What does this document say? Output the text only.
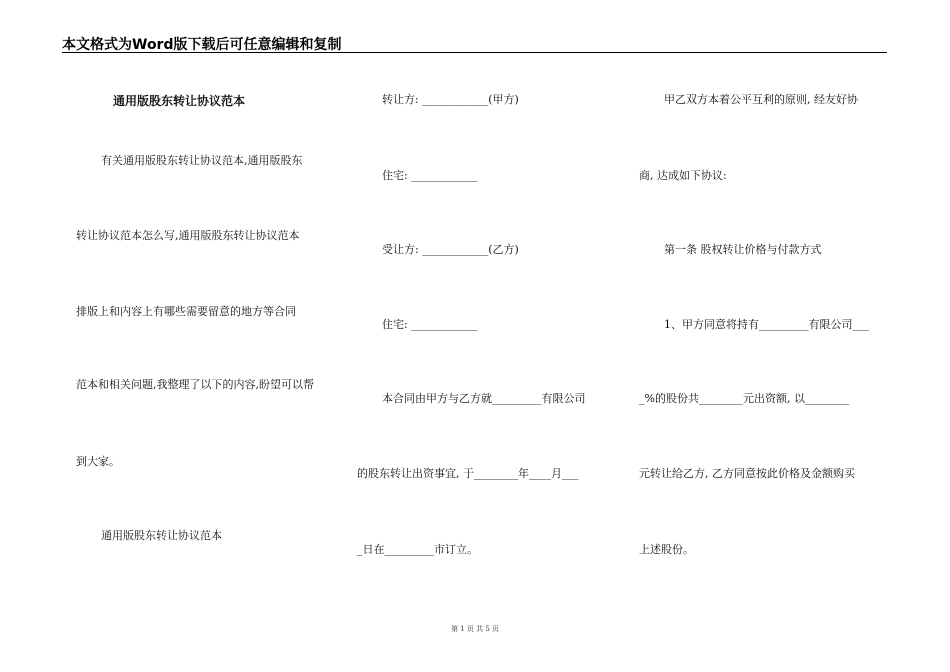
本文格式为Word版下载后可任意编辑和复制
通用版股东转让协议范本
有关通用版股东转让协议范本,通用版股东
转让协议范本怎么写,通用版股东转让协议范本
排版上和内容上有哪些需要留意的地方等合同
范本和相关问题,我整理了以下的内容,盼望可以帮
到大家。
通用版股东转让协议范本
转让方: ____________(甲方)
住宅: ____________
受让方: ____________(乙方)
住宅: ____________
本合同由甲方与乙方就_________有限公司
的股东转让出资事宜, 于________年____月___
_日在_________市订立。
甲乙双方本着公平互利的原则, 经友好协
商, 达成如下协议:
第一条 股权转让价格与付款方式
1、甲方同意将持有_________有限公司___
_%的股份共________元出资额, 以________
元转让给乙方, 乙方同意按此价格及金额购买
上述股份。
第 1 页 共 5 页
